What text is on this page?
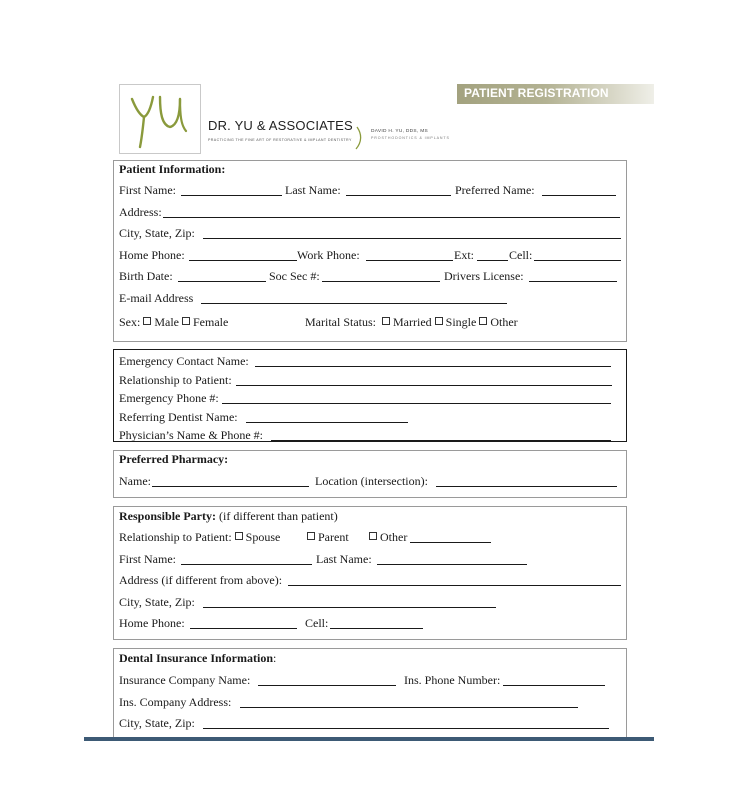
DR. YU & ASSOCIATES
PRACTICING THE FINE ART OF RESTORATIVE & IMPLANT DENTISTRY
DAVID H. YU, DDS, MS
PROSTHODONTICS & IMPLANTS
PATIENT REGISTRATION
Patient Information:
First Name:	Last Name:	Preferred Name:
Address:
City, State, Zip:
Home Phone:	Work Phone:	Ext:	Cell:
Birth Date:	Soc Sec #:	Drivers License:
E-mail Address
Sex: Male Female	Marital Status: Married Single Other
Emergency Contact Name:
Relationship to Patient:
Emergency Phone #:
Referring Dentist Name:
Physician’s Name & Phone #:
Preferred Pharmacy:
Name:	Location (intersection):
Responsible Party: (if different than patient)
Relationship to Patient: Spouse	Parent	Other
First Name:	Last Name:
Address (if different from above):
City, State, Zip:
Home Phone:	Cell:
Dental Insurance Information:
Insurance Company Name:	Ins. Phone Number:
Ins. Company Address:
City, State, Zip:
